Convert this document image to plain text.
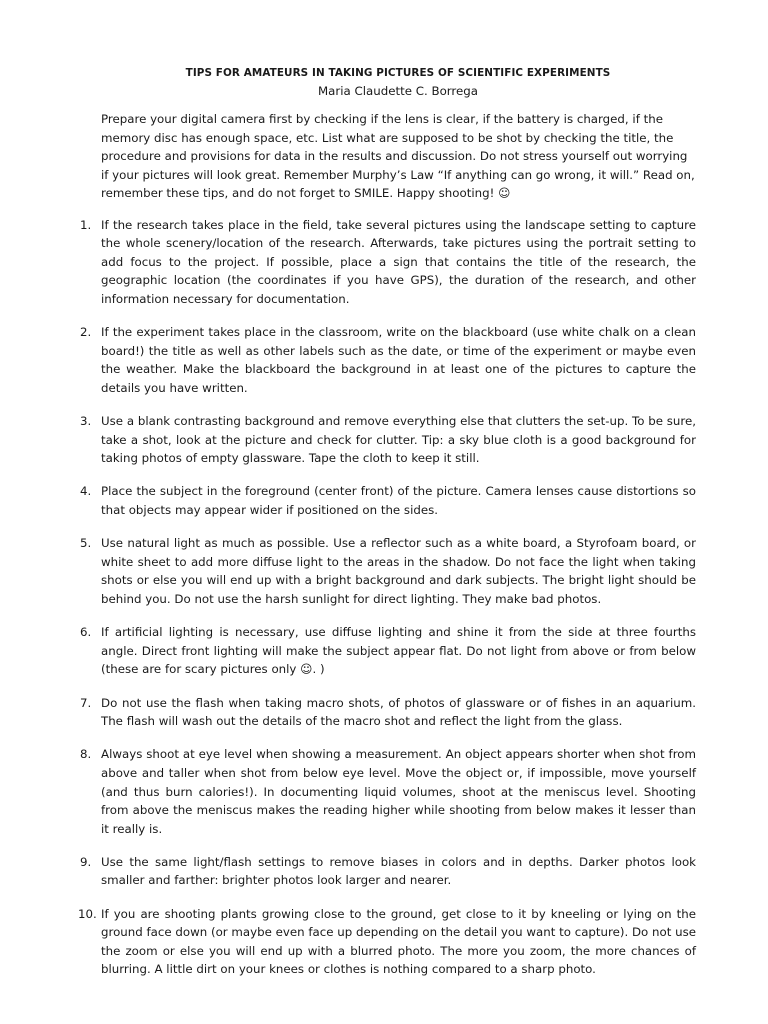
TIPS FOR AMATEURS IN TAKING PICTURES OF SCIENTIFIC EXPERIMENTS
Maria Claudette C. Borrega

Prepare your digital camera first by checking if the lens is clear, if the battery is charged, if the memory disc has enough space, etc. List what are supposed to be shot by checking the title, the procedure and provisions for data in the results and discussion. Do not stress yourself out worrying if your pictures will look great. Remember Murphy’s Law “If anything can go wrong, it will.” Read on, remember these tips, and do not forget to SMILE. Happy shooting! ☺

1. If the research takes place in the field, take several pictures using the landscape setting to capture the whole scenery/location of the research. Afterwards, take pictures using the portrait setting to add focus to the project. If possible, place a sign that contains the title of the research, the geographic location (the coordinates if you have GPS), the duration of the research, and other information necessary for documentation.
2. If the experiment takes place in the classroom, write on the blackboard (use white chalk on a clean board!) the title as well as other labels such as the date, or time of the experiment or maybe even the weather. Make the blackboard the background in at least one of the pictures to capture the details you have written.
3. Use a blank contrasting background and remove everything else that clutters the set-up. To be sure, take a shot, look at the picture and check for clutter. Tip: a sky blue cloth is a good background for taking photos of empty glassware. Tape the cloth to keep it still.
4. Place the subject in the foreground (center front) of the picture. Camera lenses cause distortions so that objects may appear wider if positioned on the sides.
5. Use natural light as much as possible. Use a reflector such as a white board, a Styrofoam board, or white sheet to add more diffuse light to the areas in the shadow. Do not face the light when taking shots or else you will end up with a bright background and dark subjects. The bright light should be behind you. Do not use the harsh sunlight for direct lighting. They make bad photos.
6. If artificial lighting is necessary, use diffuse lighting and shine it from the side at three fourths angle. Direct front lighting will make the subject appear flat. Do not light from above or from below (these are for scary pictures only ☺. )
7. Do not use the flash when taking macro shots, of photos of glassware or of fishes in an aquarium. The flash will wash out the details of the macro shot and reflect the light from the glass.
8. Always shoot at eye level when showing a measurement. An object appears shorter when shot from above and taller when shot from below eye level. Move the object or, if impossible, move yourself (and thus burn calories!). In documenting liquid volumes, shoot at the meniscus level. Shooting from above the meniscus makes the reading higher while shooting from below makes it lesser than it really is.
9. Use the same light/flash settings to remove biases in colors and in depths. Darker photos look smaller and farther: brighter photos look larger and nearer.
10. If you are shooting plants growing close to the ground, get close to it by kneeling or lying on the ground face down (or maybe even face up depending on the detail you want to capture). Do not use the zoom or else you will end up with a blurred photo. The more you zoom, the more chances of blurring. A little dirt on your knees or clothes is nothing compared to a sharp photo.
